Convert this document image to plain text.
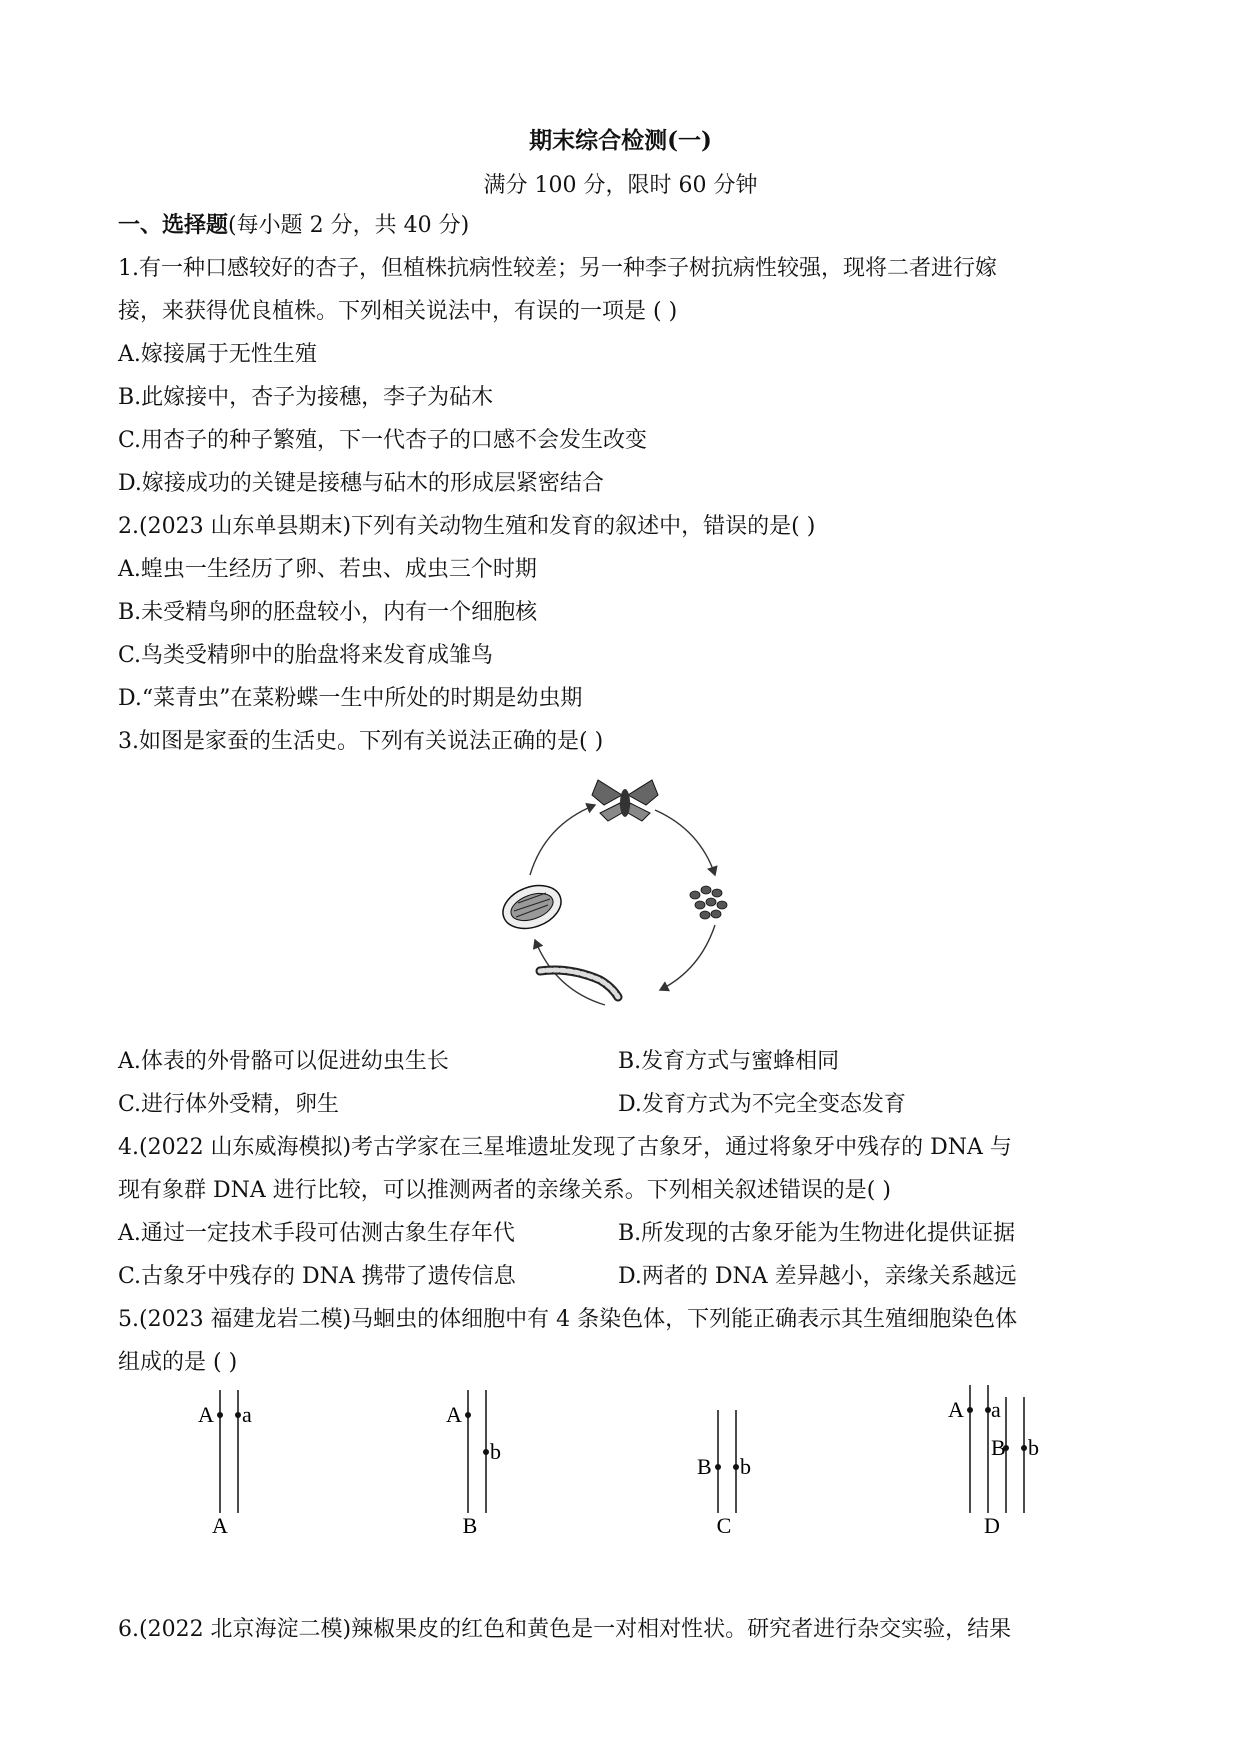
期末综合检测(一)
满分 100 分，限时 60 分钟
一、选择题(每小题 2 分，共 40 分)
1.有一种口感较好的杏子，但植株抗病性较差；另一种李子树抗病性较强，现将二者进行嫁
接，来获得优良植株。下列相关说法中，有误的一项是 ( )
A.嫁接属于无性生殖
B.此嫁接中，杏子为接穗，李子为砧木
C.用杏子的种子繁殖，下一代杏子的口感不会发生改变
D.嫁接成功的关键是接穗与砧木的形成层紧密结合
2.(2023 山东单县期末)下列有关动物生殖和发育的叙述中，错误的是( )
A.蝗虫一生经历了卵、若虫、成虫三个时期
B.未受精鸟卵的胚盘较小，内有一个细胞核
C.鸟类受精卵中的胎盘将来发育成雏鸟
D.“菜青虫”在菜粉蝶一生中所处的时期是幼虫期
3.如图是家蚕的生活史。下列有关说法正确的是( )
A.体表的外骨骼可以促进幼虫生长	B.发育方式与蜜蜂相同
C.进行体外受精，卵生	D.发育方式为不完全变态发育
4.(2022 山东威海模拟)考古学家在三星堆遗址发现了古象牙，通过将象牙中残存的 DNA 与
现有象群 DNA 进行比较，可以推测两者的亲缘关系。下列相关叙述错误的是( )
A.通过一定技术手段可估测古象生存年代	B.所发现的古象牙能为生物进化提供证据
C.古象牙中残存的 DNA 携带了遗传信息	D.两者的 DNA 差异越小，亲缘关系越远
5.(2023 福建龙岩二模)马蛔虫的体细胞中有 4 条染色体，下列能正确表示其生殖细胞染色体
组成的是 ( )
A a
A
A
b
B
B b
C
A a
B b
D
6.(2022 北京海淀二模)辣椒果皮的红色和黄色是一对相对性状。研究者进行杂交实验，结果
